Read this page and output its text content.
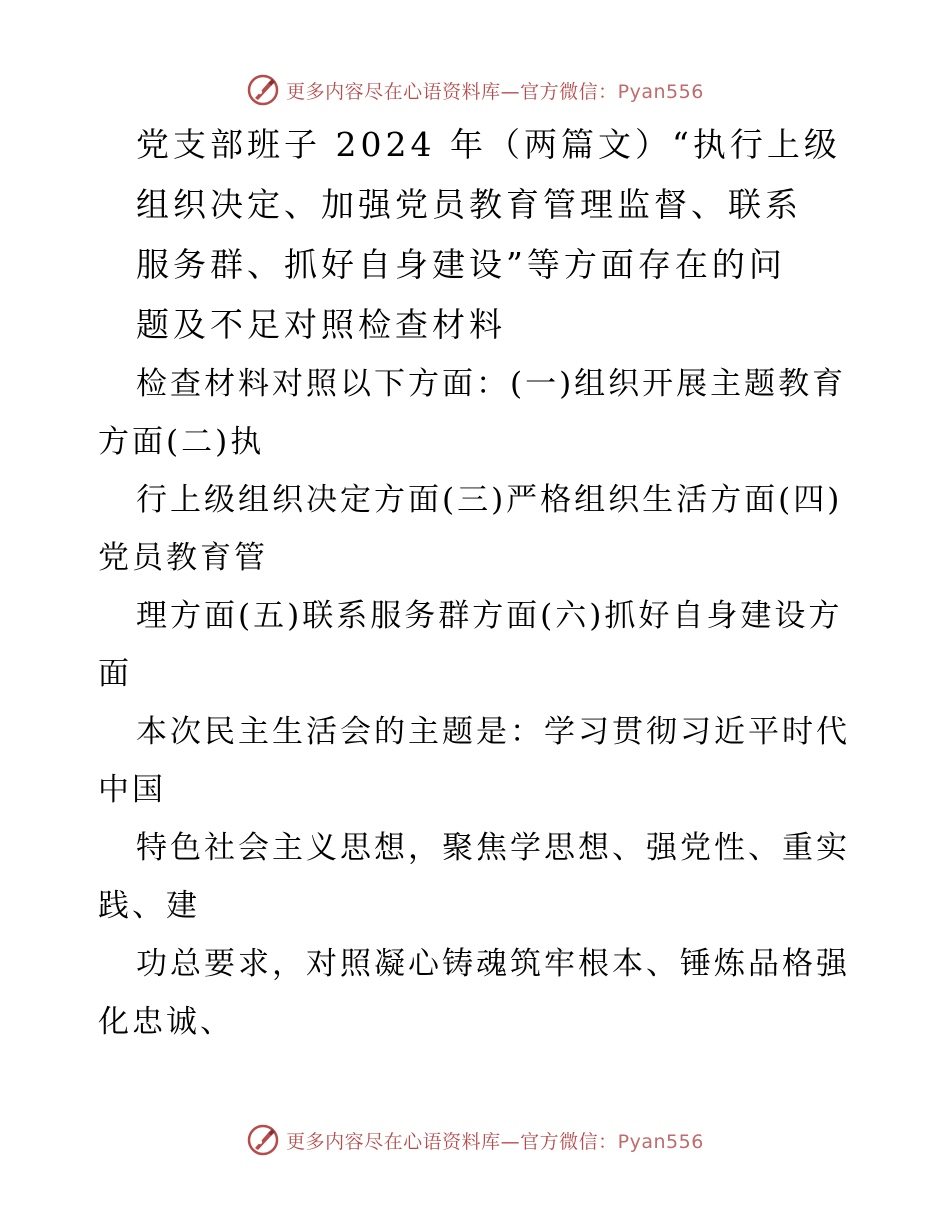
更多内容尽在心语资料库—官方微信：Pyan556
党支部班子 2024 年（两篇文）“执行上级
组织决定、加强党员教育管理监督、联系
服务群、抓好自身建设”等方面存在的问
题及不足对照检查材料
检查材料对照以下方面：(一)组织开展主题教育
方面(二)执
行上级组织决定方面(三)严格组织生活方面(四)
党员教育管
理方面(五)联系服务群方面(六)抓好自身建设方
面
本次民主生活会的主题是：学习贯彻习近平时代
中国
特色社会主义思想，聚焦学思想、强党性、重实
践、建
功总要求，对照凝心铸魂筑牢根本、锤炼品格强
化忠诚、
更多内容尽在心语资料库—官方微信：Pyan556
